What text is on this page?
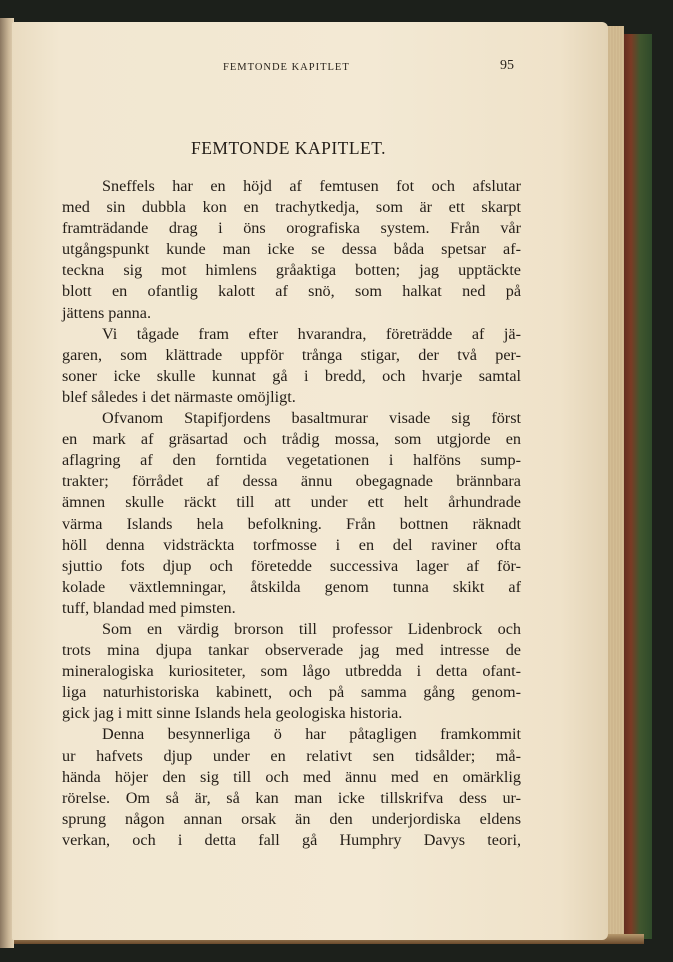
FEMTONDE KAPITLET	95
FEMTONDE KAPITLET.
Sneffels har en höjd af femtusen fot och afslutar
med sin dubbla kon en trachytkedja, som är ett skarpt
framträdande drag i öns orografiska system. Från vår
utgångspunkt kunde man icke se dessa båda spetsar af-
teckna sig mot himlens gråaktiga botten; jag upptäckte
blott en ofantlig kalott af snö, som halkat ned på
jättens panna.
Vi tågade fram efter hvarandra, företrädde af jä-
garen, som klättrade uppför trånga stigar, der två per-
soner icke skulle kunnat gå i bredd, och hvarje samtal
blef således i det närmaste omöjligt.
Ofvanom Stapifjordens basaltmurar visade sig först
en mark af gräsartad och trådig mossa, som utgjorde en
aflagring af den forntida vegetationen i halföns sump-
trakter; förrådet af dessa ännu obegagnade brännbara
ämnen skulle räckt till att under ett helt århundrade
värma Islands hela befolkning. Från bottnen räknadt
höll denna vidsträckta torfmosse i en del raviner ofta
sjuttio fots djup och företedde successiva lager af för-
kolade växtlemningar, åtskilda genom tunna skikt af
tuff, blandad med pimsten.
Som en värdig brorson till professor Lidenbrock och
trots mina djupa tankar observerade jag med intresse de
mineralogiska kuriositeter, som lågo utbredda i detta ofant-
liga naturhistoriska kabinett, och på samma gång genom-
gick jag i mitt sinne Islands hela geologiska historia.
Denna besynnerliga ö har påtagligen framkommit
ur hafvets djup under en relativt sen tidsålder; må-
hända höjer den sig till och med ännu med en omärklig
rörelse. Om så är, så kan man icke tillskrifva dess ur-
sprung någon annan orsak än den underjordiska eldens
verkan, och i detta fall gå Humphry Davys teori,
